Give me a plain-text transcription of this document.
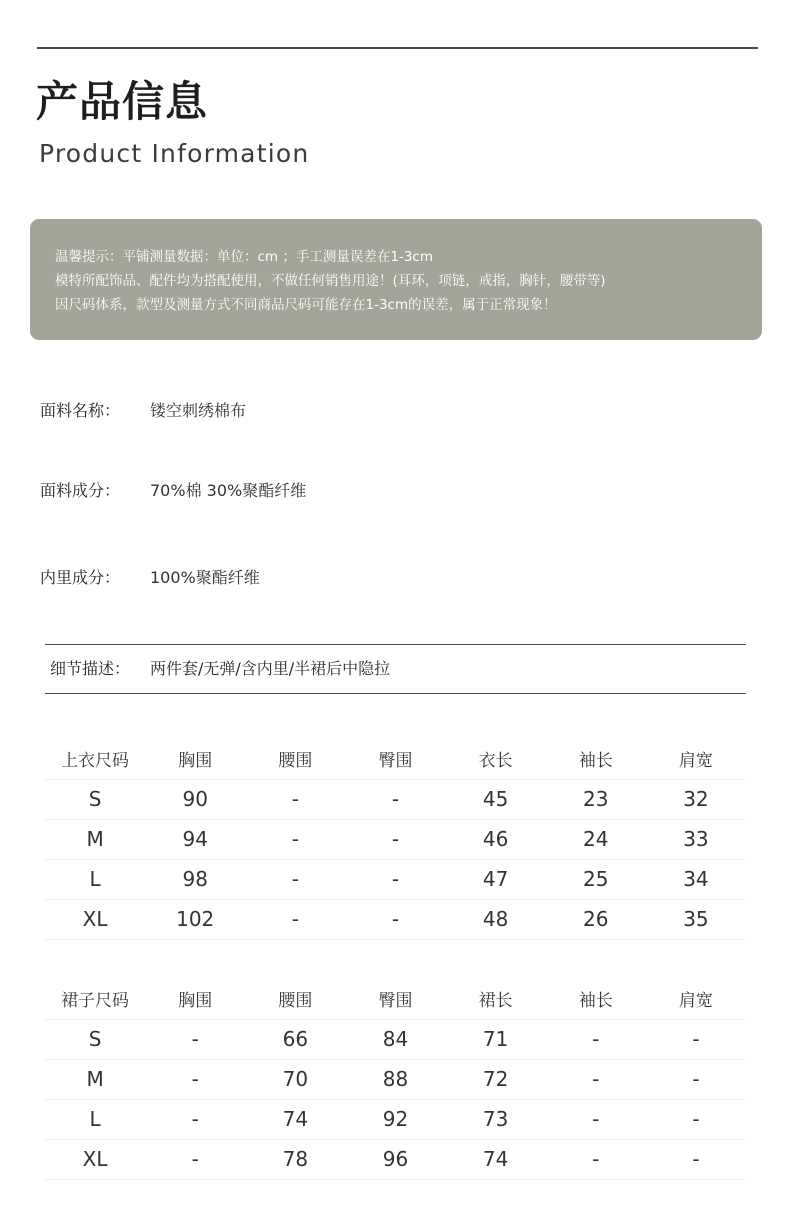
产品信息
Product Information
温馨提示：平铺测量数据：单位：cm ；手工测量误差在1-3cm
模特所配饰品、配件均为搭配使用，不做任何销售用途！(耳环，项链，戒指，胸针，腰带等)
因尺码体系，款型及测量方式不同商品尺码可能存在1-3cm的误差，属于正常现象！
面料名称： 镂空刺绣棉布
面料成分： 70%棉 30%聚酯纤维
内里成分： 100%聚酯纤维
细节描述： 两件套/无弹/含内里/半裙后中隐拉
上衣尺码	胸围	腰围	臀围	衣长	袖长	肩宽
S	90	-	-	45	23	32
M	94	-	-	46	24	33
L	98	-	-	47	25	34
XL	102	-	-	48	26	35
裙子尺码	胸围	腰围	臀围	裙长	袖长	肩宽
S	-	66	84	71	-	-
M	-	70	88	72	-	-
L	-	74	92	73	-	-
XL	-	78	96	74	-	-
